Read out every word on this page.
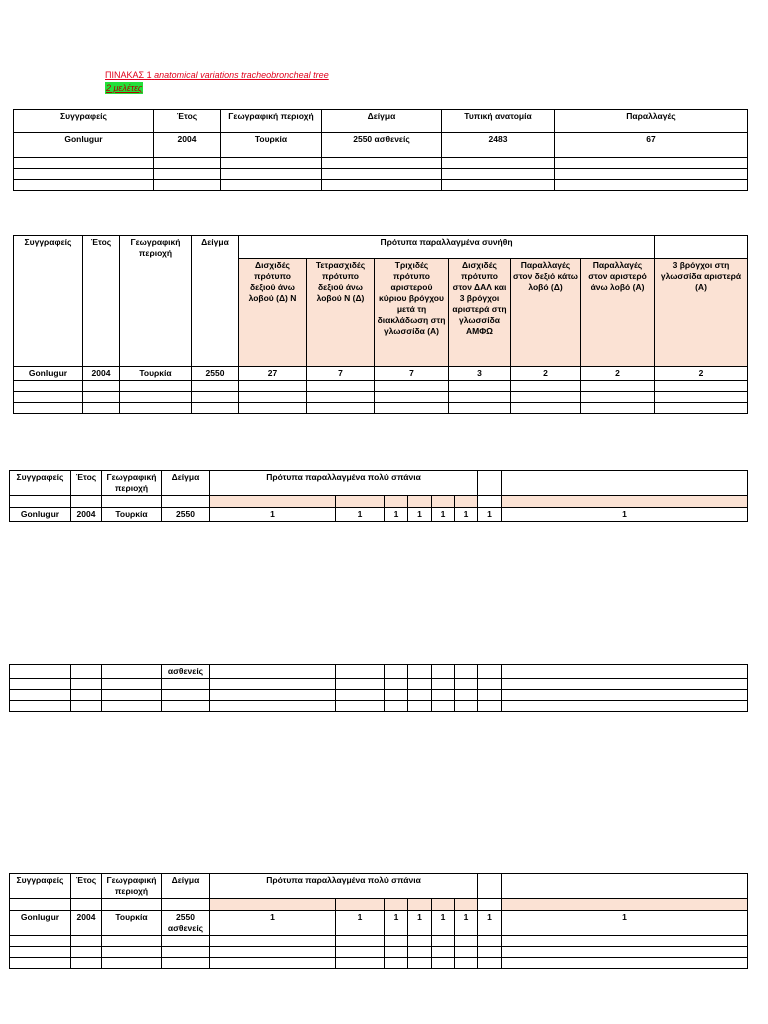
ΠΙΝΑΚΑΣ 1 anatomical variations tracheobroncheal tree
2 μελέτες
Συγγραφείς	Έτος	Γεωγραφική περιοχή	Δείγμα	Τυπική ανατομία	Παραλλαγές
Gonlugur	2004	Τουρκία	2550 ασθενείς	2483	67

Συγγραφείς	Έτος	Γεωγραφική περιοχή	Δείγμα	Πρότυπα παραλλαγμένα συνήθη						
				Δισχιδές πρότυπο δεξιού άνω λοβού (Δ) Ν	Τετρασχιδές πρότυπο δεξιού άνω λοβού Ν (Δ)	Τριχιδές πρότυπο αριστερού κύριου βρόγχου μετά τη διακλάδωση στη γλωσσίδα (Α)	Δισχιδές πρότυπο στον ΔΑΛ και 3 βρόγχοι αριστερά στη γλωσσίδα ΑΜΦΩ	Παραλλαγές στον δεξιό κάτω λοβό (Δ)	Παραλλαγές στον αριστερό άνω λοβό (Α)	3 βρόγχοι στη γλωσσίδα αριστερά (Α)
Gonlugur	2004	Τουρκία	2550	27	7	7	3	2	2	2

Συγγραφείς	Έτος	Γεωγραφική περιοχή	Δείγμα	Πρότυπα παραλλαγμένα πολύ σπάνια							

Gonlugur	2004	Τουρκία	2550	1	1	1	1	1	1	1	1
			ασθενείς								

Συγγραφείς	Έτος	Γεωγραφική περιοχή	Δείγμα	Πρότυπα παραλλαγμένα πολύ σπάνια							

Gonlugur	2004	Τουρκία	2550 ασθενείς	1	1	1	1	1	1	1	1
